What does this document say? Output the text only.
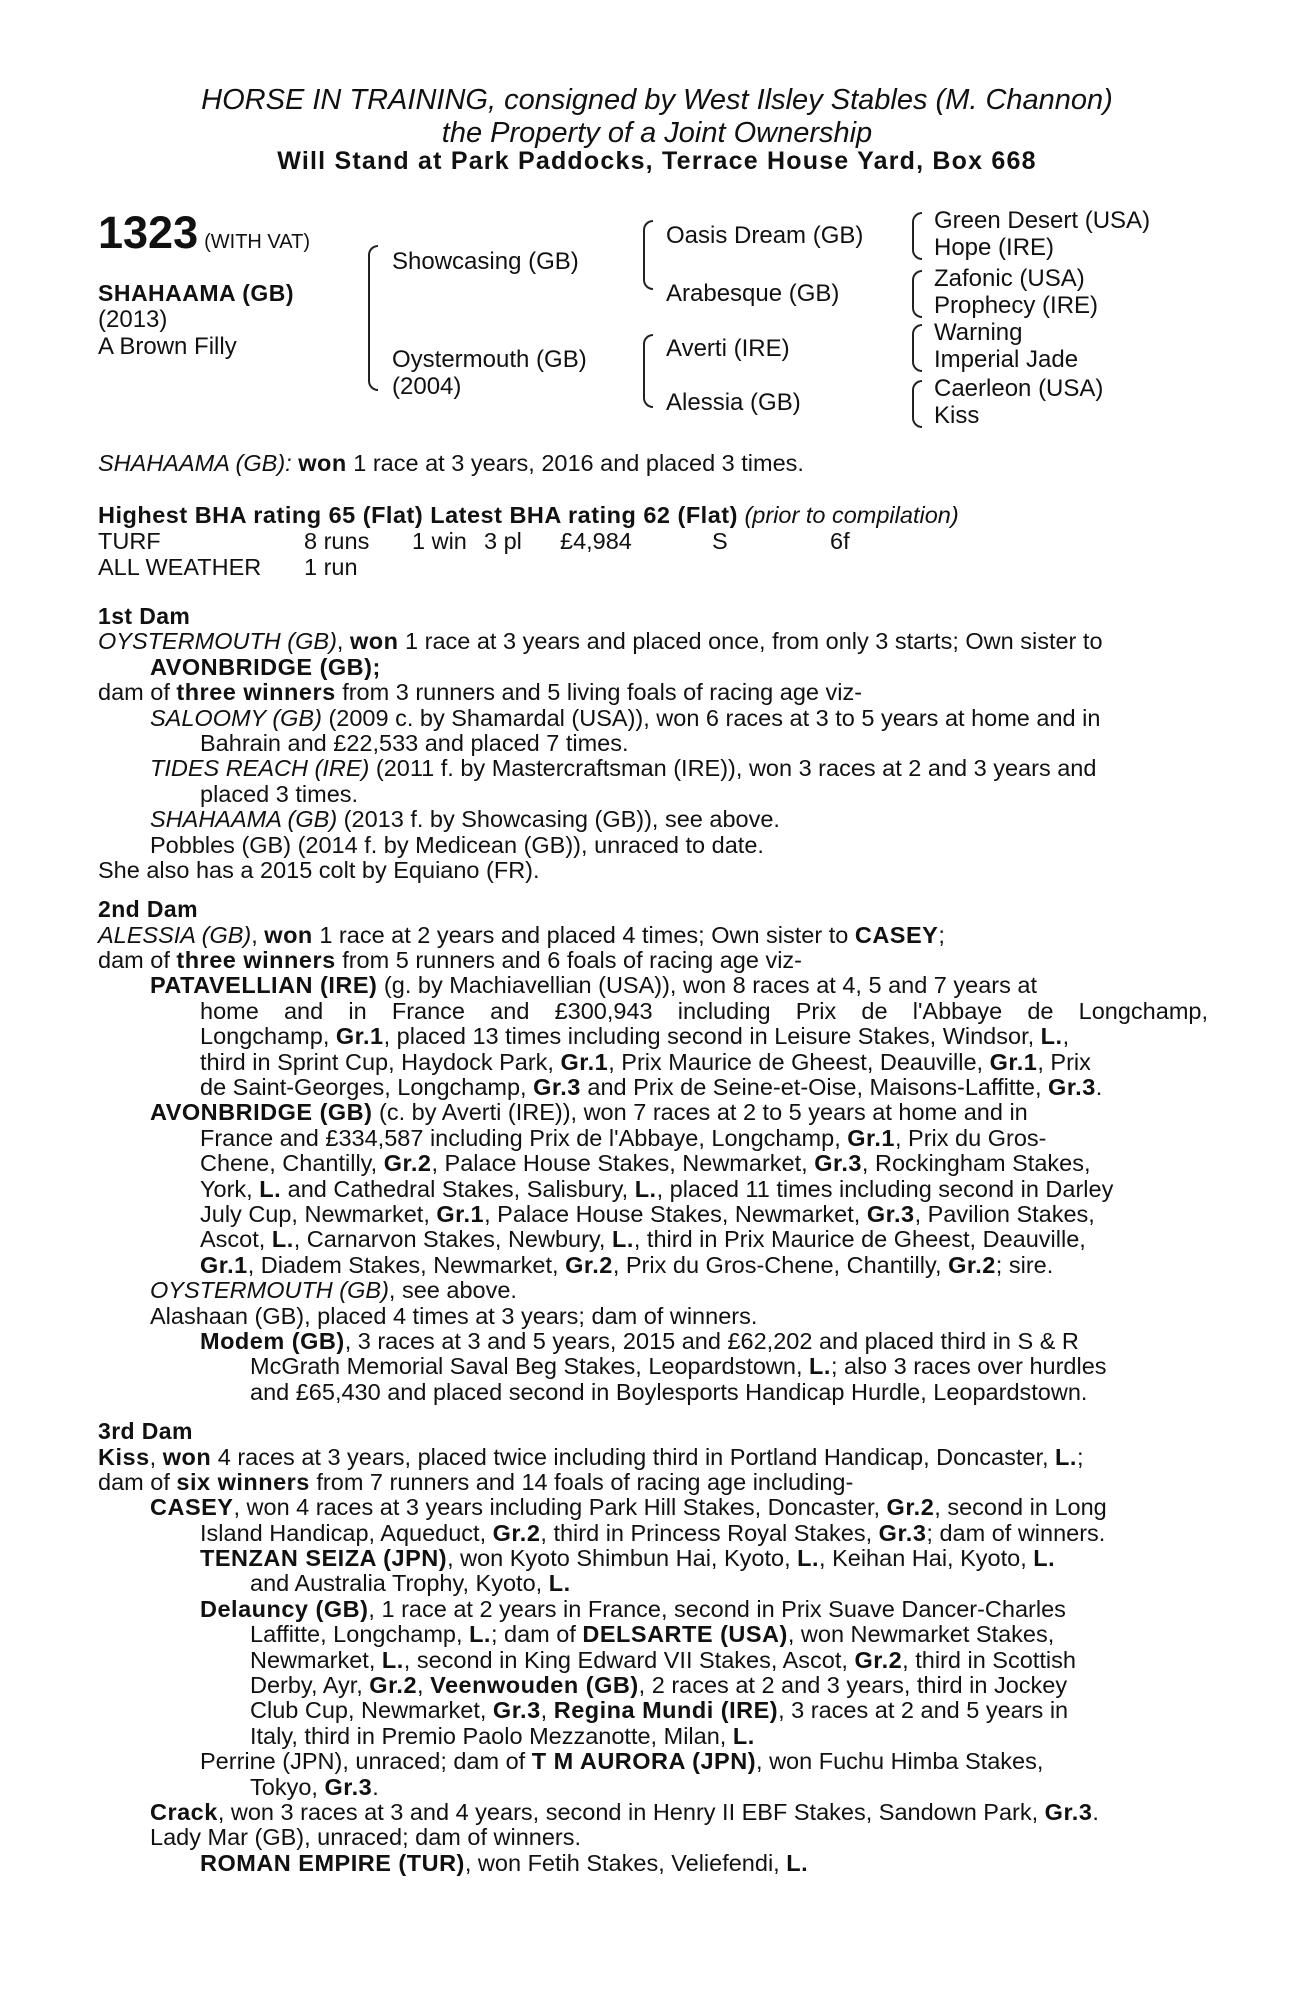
HORSE IN TRAINING, consigned by West Ilsley Stables (M. Channon)
the Property of a Joint Ownership
Will Stand at Park Paddocks, Terrace House Yard, Box 668
1323 (WITH VAT)
SHAHAAMA (GB)
(2013)
A Brown Filly
Showcasing (GB)
Oystermouth (GB)
(2004)
Oasis Dream (GB)
Arabesque (GB)
Averti (IRE)
Alessia (GB)
Green Desert (USA)
Hope (IRE)
Zafonic (USA)
Prophecy (IRE)
Warning
Imperial Jade
Caerleon (USA)
Kiss
SHAHAAMA (GB): won 1 race at 3 years, 2016 and placed 3 times.
Highest BHA rating 65 (Flat) Latest BHA rating 62 (Flat) (prior to compilation)
TURF	8 runs 1 win 3 pl £4,984	S	6f
ALL WEATHER 1 run
1st Dam
OYSTERMOUTH (GB), won 1 race at 3 years and placed once, from only 3 starts; Own sister to
AVONBRIDGE (GB);
dam of three winners from 3 runners and 5 living foals of racing age viz-
SALOOMY (GB) (2009 c. by Shamardal (USA)), won 6 races at 3 to 5 years at home and in
Bahrain and £22,533 and placed 7 times.
TIDES REACH (IRE) (2011 f. by Mastercraftsman (IRE)), won 3 races at 2 and 3 years and
placed 3 times.
SHAHAAMA (GB) (2013 f. by Showcasing (GB)), see above.
Pobbles (GB) (2014 f. by Medicean (GB)), unraced to date.
She also has a 2015 colt by Equiano (FR).
2nd Dam
ALESSIA (GB), won 1 race at 2 years and placed 4 times; Own sister to CASEY;
dam of three winners from 5 runners and 6 foals of racing age viz-
PATAVELLIAN (IRE) (g. by Machiavellian (USA)), won 8 races at 4, 5 and 7 years at
home and in France and £300,943 including Prix de l'Abbaye de Longchamp,
Longchamp, Gr.1, placed 13 times including second in Leisure Stakes, Windsor, L.,
third in Sprint Cup, Haydock Park, Gr.1, Prix Maurice de Gheest, Deauville, Gr.1, Prix
de Saint-Georges, Longchamp, Gr.3 and Prix de Seine-et-Oise, Maisons-Laffitte, Gr.3.
AVONBRIDGE (GB) (c. by Averti (IRE)), won 7 races at 2 to 5 years at home and in
France and £334,587 including Prix de l'Abbaye, Longchamp, Gr.1, Prix du Gros-
Chene, Chantilly, Gr.2, Palace House Stakes, Newmarket, Gr.3, Rockingham Stakes,
York, L. and Cathedral Stakes, Salisbury, L., placed 11 times including second in Darley
July Cup, Newmarket, Gr.1, Palace House Stakes, Newmarket, Gr.3, Pavilion Stakes,
Ascot, L., Carnarvon Stakes, Newbury, L., third in Prix Maurice de Gheest, Deauville,
Gr.1, Diadem Stakes, Newmarket, Gr.2, Prix du Gros-Chene, Chantilly, Gr.2; sire.
OYSTERMOUTH (GB), see above.
Alashaan (GB), placed 4 times at 3 years; dam of winners.
Modem (GB), 3 races at 3 and 5 years, 2015 and £62,202 and placed third in S & R
McGrath Memorial Saval Beg Stakes, Leopardstown, L.; also 3 races over hurdles
and £65,430 and placed second in Boylesports Handicap Hurdle, Leopardstown.
3rd Dam
Kiss, won 4 races at 3 years, placed twice including third in Portland Handicap, Doncaster, L.;
dam of six winners from 7 runners and 14 foals of racing age including-
CASEY, won 4 races at 3 years including Park Hill Stakes, Doncaster, Gr.2, second in Long
Island Handicap, Aqueduct, Gr.2, third in Princess Royal Stakes, Gr.3; dam of winners.
TENZAN SEIZA (JPN), won Kyoto Shimbun Hai, Kyoto, L., Keihan Hai, Kyoto, L.
and Australia Trophy, Kyoto, L.
Delauncy (GB), 1 race at 2 years in France, second in Prix Suave Dancer-Charles
Laffitte, Longchamp, L.; dam of DELSARTE (USA), won Newmarket Stakes,
Newmarket, L., second in King Edward VII Stakes, Ascot, Gr.2, third in Scottish
Derby, Ayr, Gr.2, Veenwouden (GB), 2 races at 2 and 3 years, third in Jockey
Club Cup, Newmarket, Gr.3, Regina Mundi (IRE), 3 races at 2 and 5 years in
Italy, third in Premio Paolo Mezzanotte, Milan, L.
Perrine (JPN), unraced; dam of T M AURORA (JPN), won Fuchu Himba Stakes,
Tokyo, Gr.3.
Crack, won 3 races at 3 and 4 years, second in Henry II EBF Stakes, Sandown Park, Gr.3.
Lady Mar (GB), unraced; dam of winners.
ROMAN EMPIRE (TUR), won Fetih Stakes, Veliefendi, L.
